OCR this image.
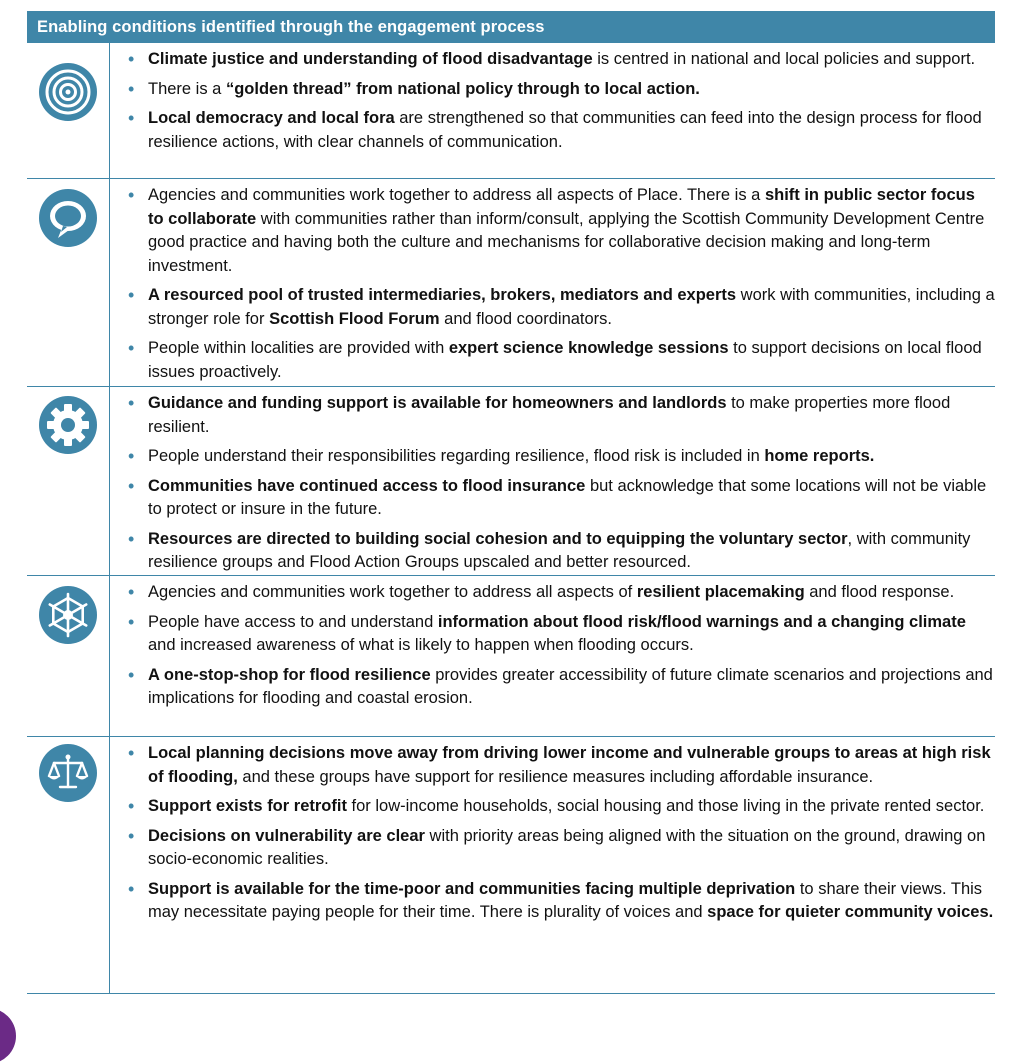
Enabling conditions identified through the engagement process
• Climate justice and understanding of flood disadvantage is centred in national and local policies and support.
• There is a “golden thread” from national policy through to local action.
• Local democracy and local fora are strengthened so that communities can feed into the design process for flood resilience actions, with clear channels of communication.
• Agencies and communities work together to address all aspects of Place. There is a shift in public sector focus to collaborate with communities rather than inform/consult, applying the Scottish Community Development Centre good practice and having both the culture and mechanisms for collaborative decision making and long-term investment.
• A resourced pool of trusted intermediaries, brokers, mediators and experts work with communities, including a stronger role for Scottish Flood Forum and flood coordinators.
• People within localities are provided with expert science knowledge sessions to support decisions on local flood issues proactively.
• Guidance and funding support is available for homeowners and landlords to make properties more flood resilient.
• People understand their responsibilities regarding resilience, flood risk is included in home reports.
• Communities have continued access to flood insurance but acknowledge that some locations will not be viable to protect or insure in the future.
• Resources are directed to building social cohesion and to equipping the voluntary sector, with community resilience groups and Flood Action Groups upscaled and better resourced.
• Agencies and communities work together to address all aspects of resilient placemaking and flood response.
• People have access to and understand information about flood risk/flood warnings and a changing climate and increased awareness of what is likely to happen when flooding occurs.
• A one-stop-shop for flood resilience provides greater accessibility of future climate scenarios and projections and implications for flooding and coastal erosion.
• Local planning decisions move away from driving lower income and vulnerable groups to areas at high risk of flooding, and these groups have support for resilience measures including affordable insurance.
• Support exists for retrofit for low-income households, social housing and those living in the private rented sector.
• Decisions on vulnerability are clear with priority areas being aligned with the situation on the ground, drawing on socio-economic realities.
• Support is available for the time-poor and communities facing multiple deprivation to share their views. This may necessitate paying people for their time. There is plurality of voices and space for quieter community voices.
